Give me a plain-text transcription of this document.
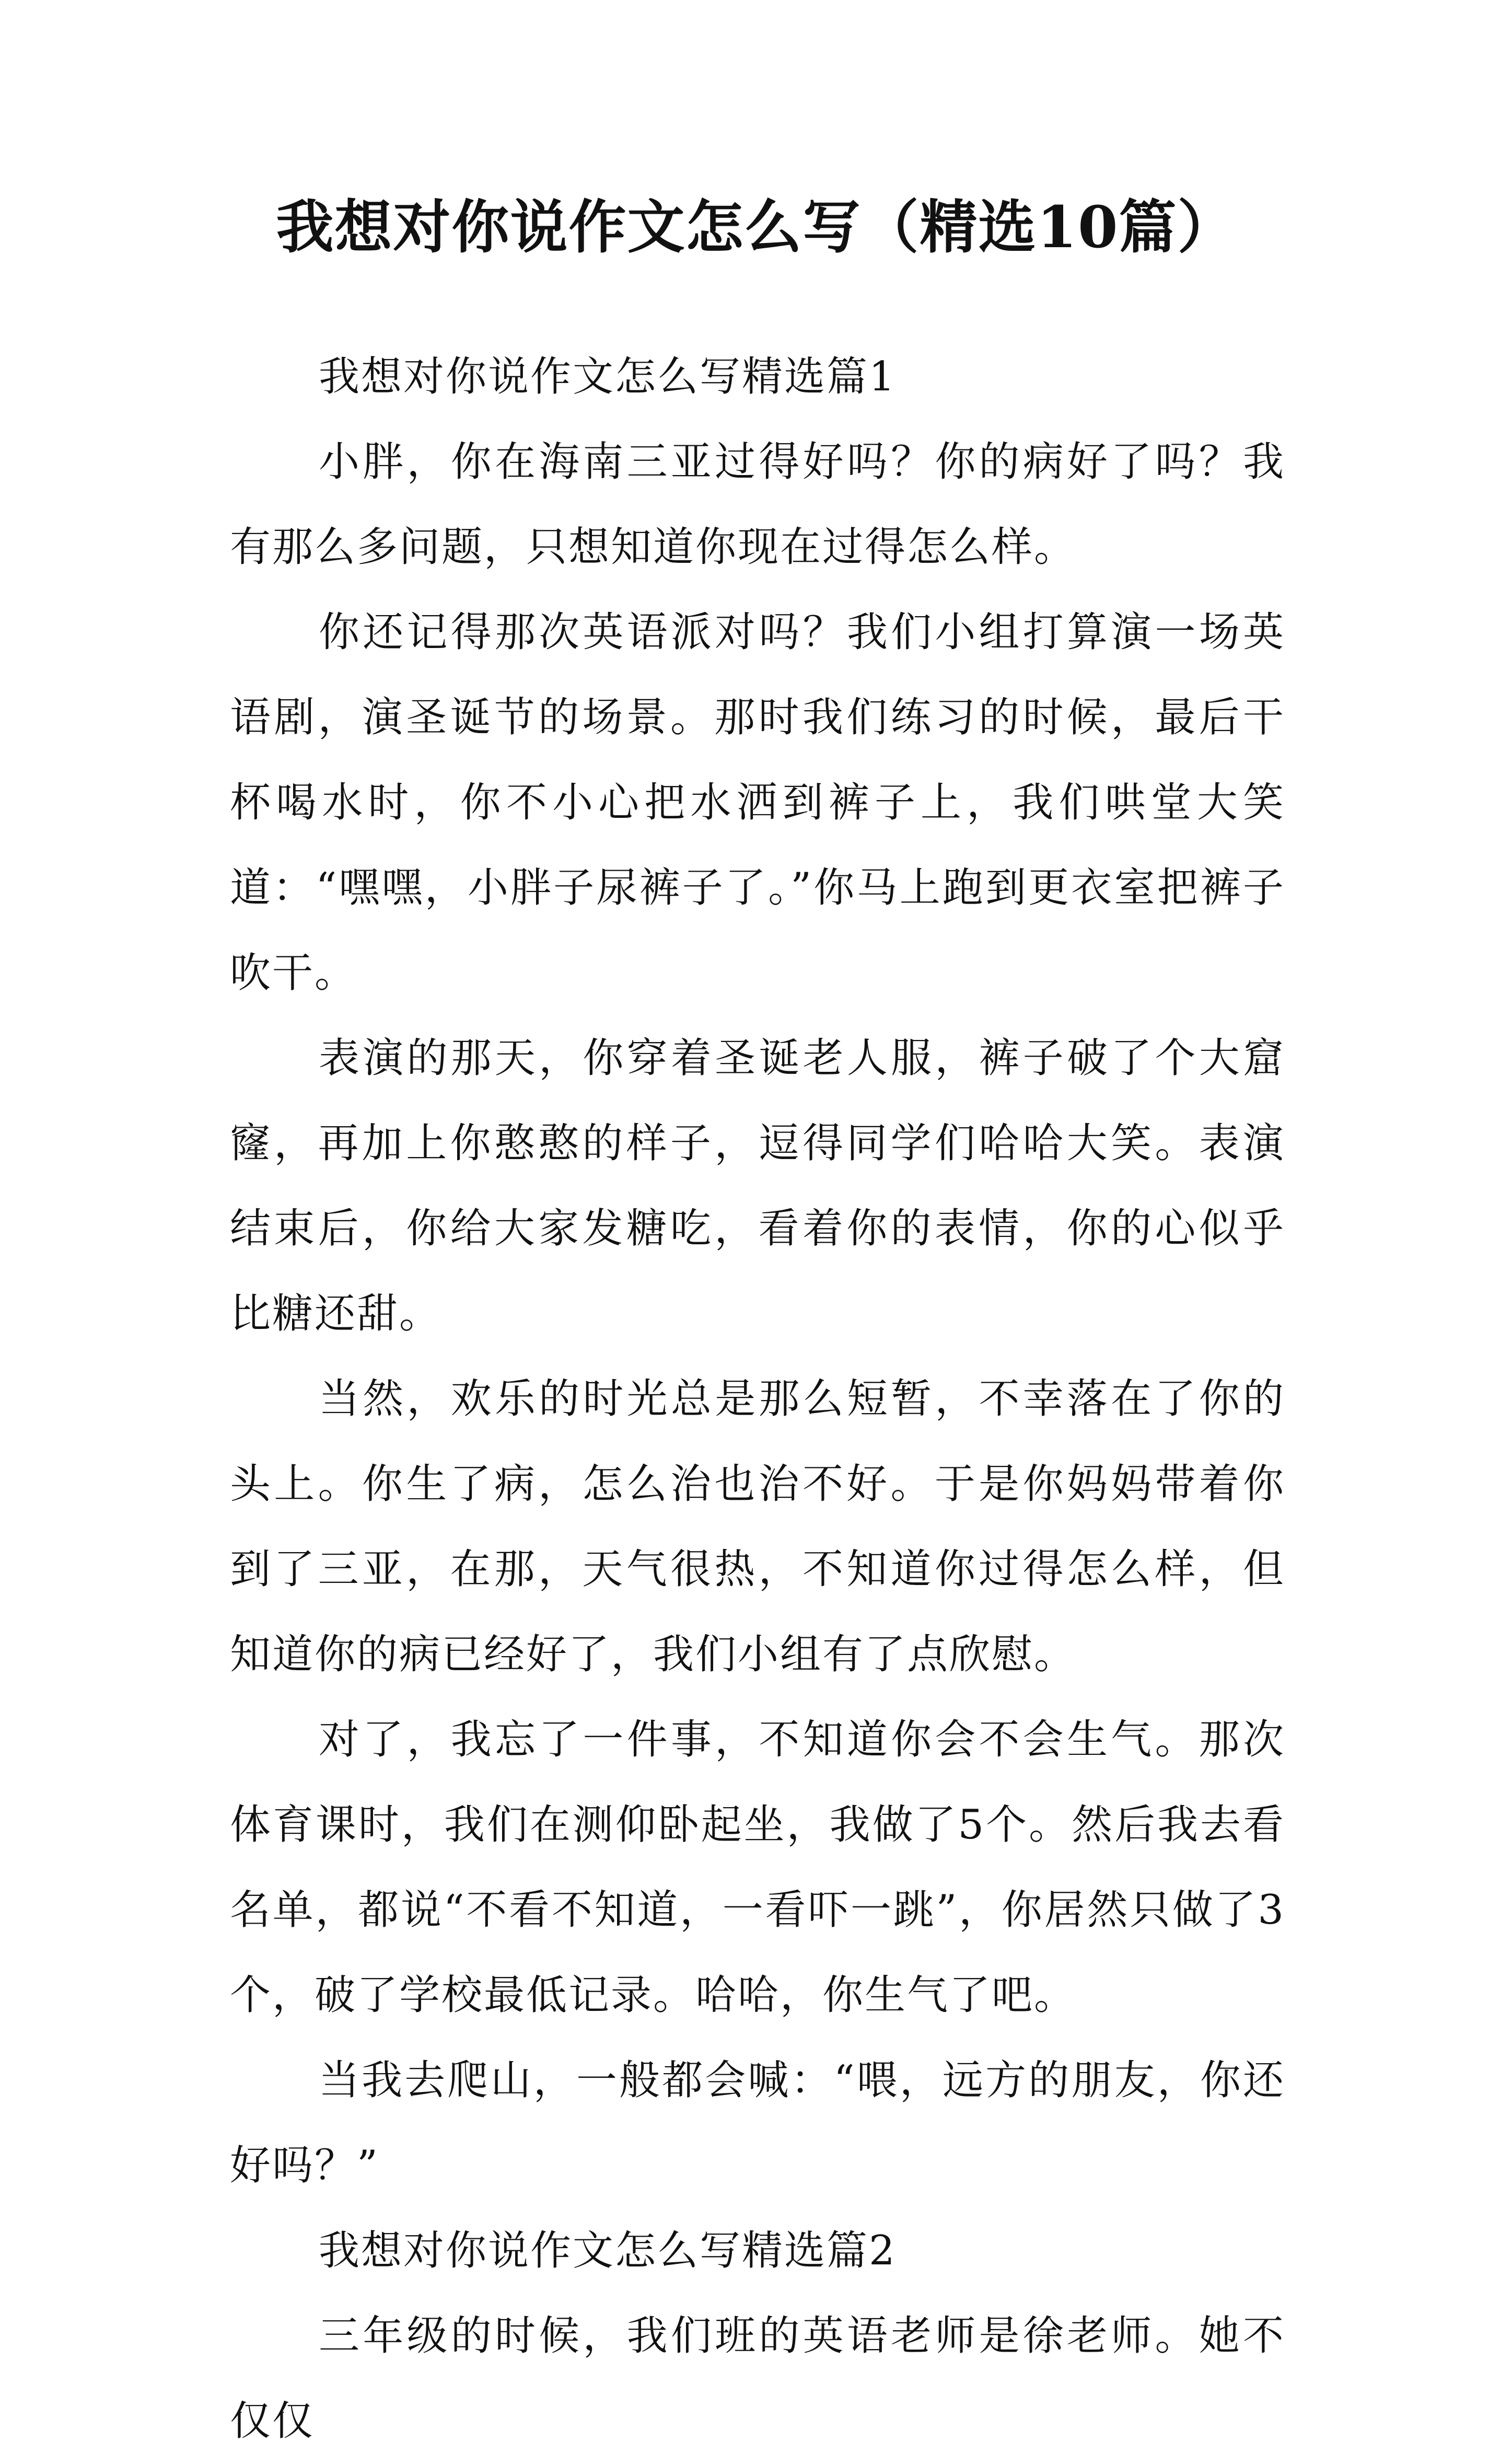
我想对你说作文怎么写（精选10篇）

我想对你说作文怎么写精选篇1

小胖，你在海南三亚过得好吗？你的病好了吗？我有那么多问题，只想知道你现在过得怎么样。

你还记得那次英语派对吗？我们小组打算演一场英语剧，演圣诞节的场景。那时我们练习的时候，最后干杯喝水时，你不小心把水洒到裤子上，我们哄堂大笑道：“嘿嘿，小胖子尿裤子了。”你马上跑到更衣室把裤子吹干。

表演的那天，你穿着圣诞老人服，裤子破了个大窟窿，再加上你憨憨的样子，逗得同学们哈哈大笑。表演结束后，你给大家发糖吃，看着你的表情，你的心似乎比糖还甜。

当然，欢乐的时光总是那么短暂，不幸落在了你的头上。你生了病，怎么治也治不好。于是你妈妈带着你到了三亚，在那，天气很热，不知道你过得怎么样，但知道你的病已经好了，我们小组有了点欣慰。

对了，我忘了一件事，不知道你会不会生气。那次体育课时，我们在测仰卧起坐，我做了5个。然后我去看名单，都说“不看不知道，一看吓一跳”，你居然只做了3个，破了学校最低记录。哈哈，你生气了吧。

当我去爬山，一般都会喊：“喂，远方的朋友，你还好吗？”

我想对你说作文怎么写精选篇2

三年级的时候，我们班的英语老师是徐老师。她不仅仅
